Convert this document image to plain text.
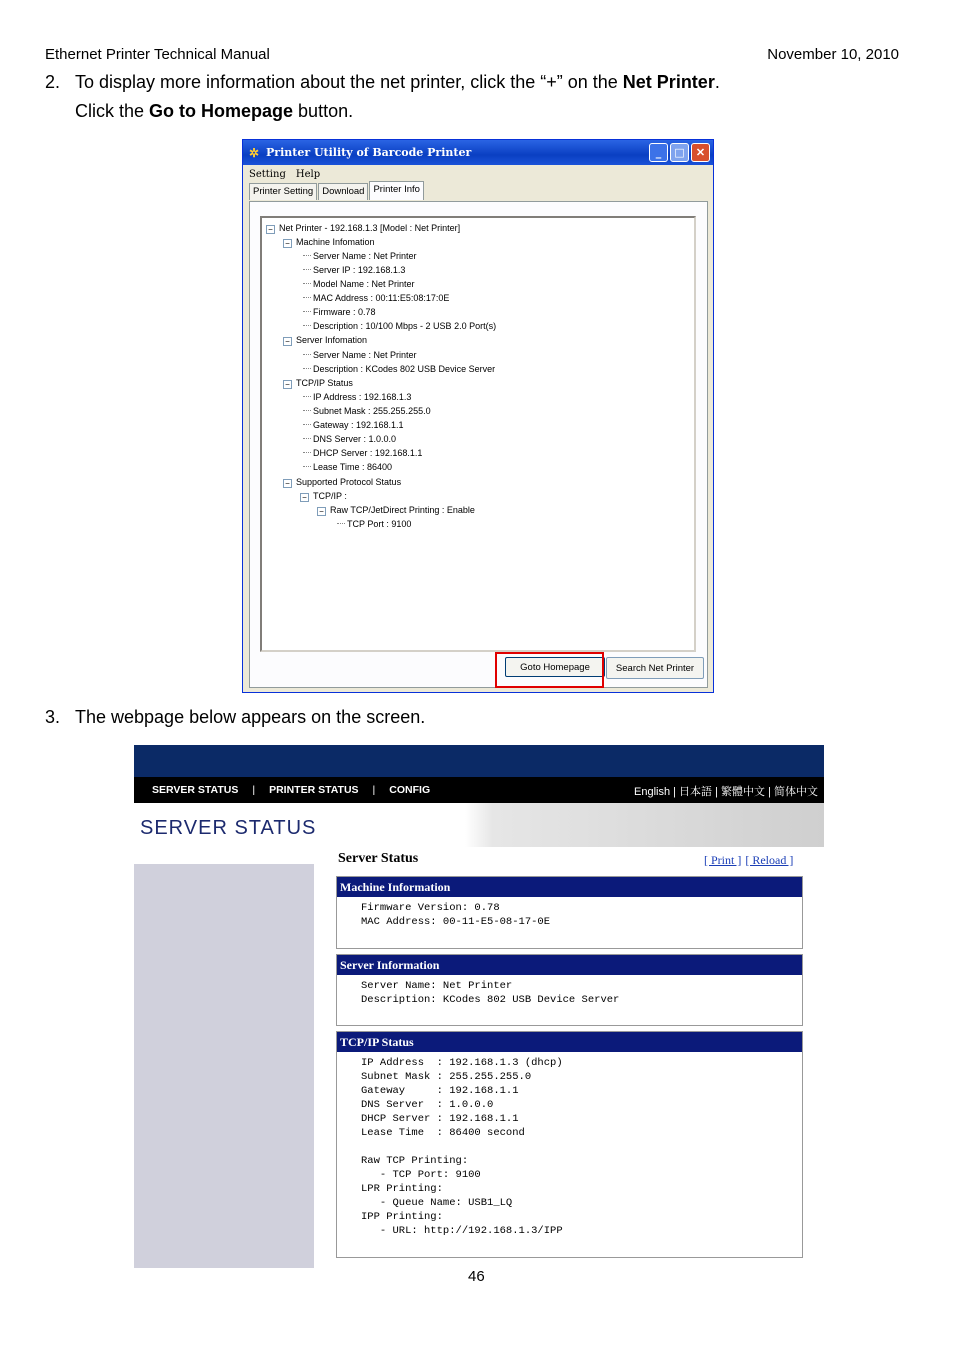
Ethernet Printer Technical Manual	November 10, 2010
2. To display more information about the net printer, click the “+” on the Net Printer.
Click the Go to Homepage button.
✲ Printer Utility of Barcode Printer	_	□	✕
Setting Help
Printer Setting Download Printer Info
− Net Printer - 192.168.1.3 [Model : Net Printer]
− Machine Infomation
Server Name : Net Printer
Server IP : 192.168.1.3
Model Name : Net Printer
MAC Address : 00:11:E5:08:17:0E
Firmware : 0.78
Description : 10/100 Mbps - 2 USB 2.0 Port(s)
− Server Infomation
Server Name : Net Printer
Description : KCodes 802 USB Device Server
− TCP/IP Status
IP Address : 192.168.1.3
Subnet Mask : 255.255.255.0
Gateway : 192.168.1.1
DNS Server : 1.0.0.0
DHCP Server : 192.168.1.1
Lease Time : 86400
− Supported Protocol Status
− TCP/IP :
− Raw TCP/JetDirect Printing : Enable
TCP Port : 9100
Goto Homepage	Search Net Printer
3. The webpage below appears on the screen.
SERVER STATUS | PRINTER STATUS | CONFIG	English | 日本語 | 繁體中文 | 简体中文
SERVER STATUS
Server Status	[ Print ] [ Reload ]
Machine Information
Firmware Version: 0.78
MAC Address: 00-11-E5-08-17-0E
Server Information
Server Name: Net Printer
Description: KCodes 802 USB Device Server
TCP/IP Status
IP Address  : 192.168.1.3 (dhcp)
Subnet Mask : 255.255.255.0
Gateway     : 192.168.1.1
DNS Server  : 1.0.0.0
DHCP Server : 192.168.1.1
Lease Time  : 86400 second

Raw TCP Printing:
- TCP Port: 9100
LPR Printing:
- Queue Name: USB1_LQ
IPP Printing:
- URL: http://192.168.1.3/IPP
46
